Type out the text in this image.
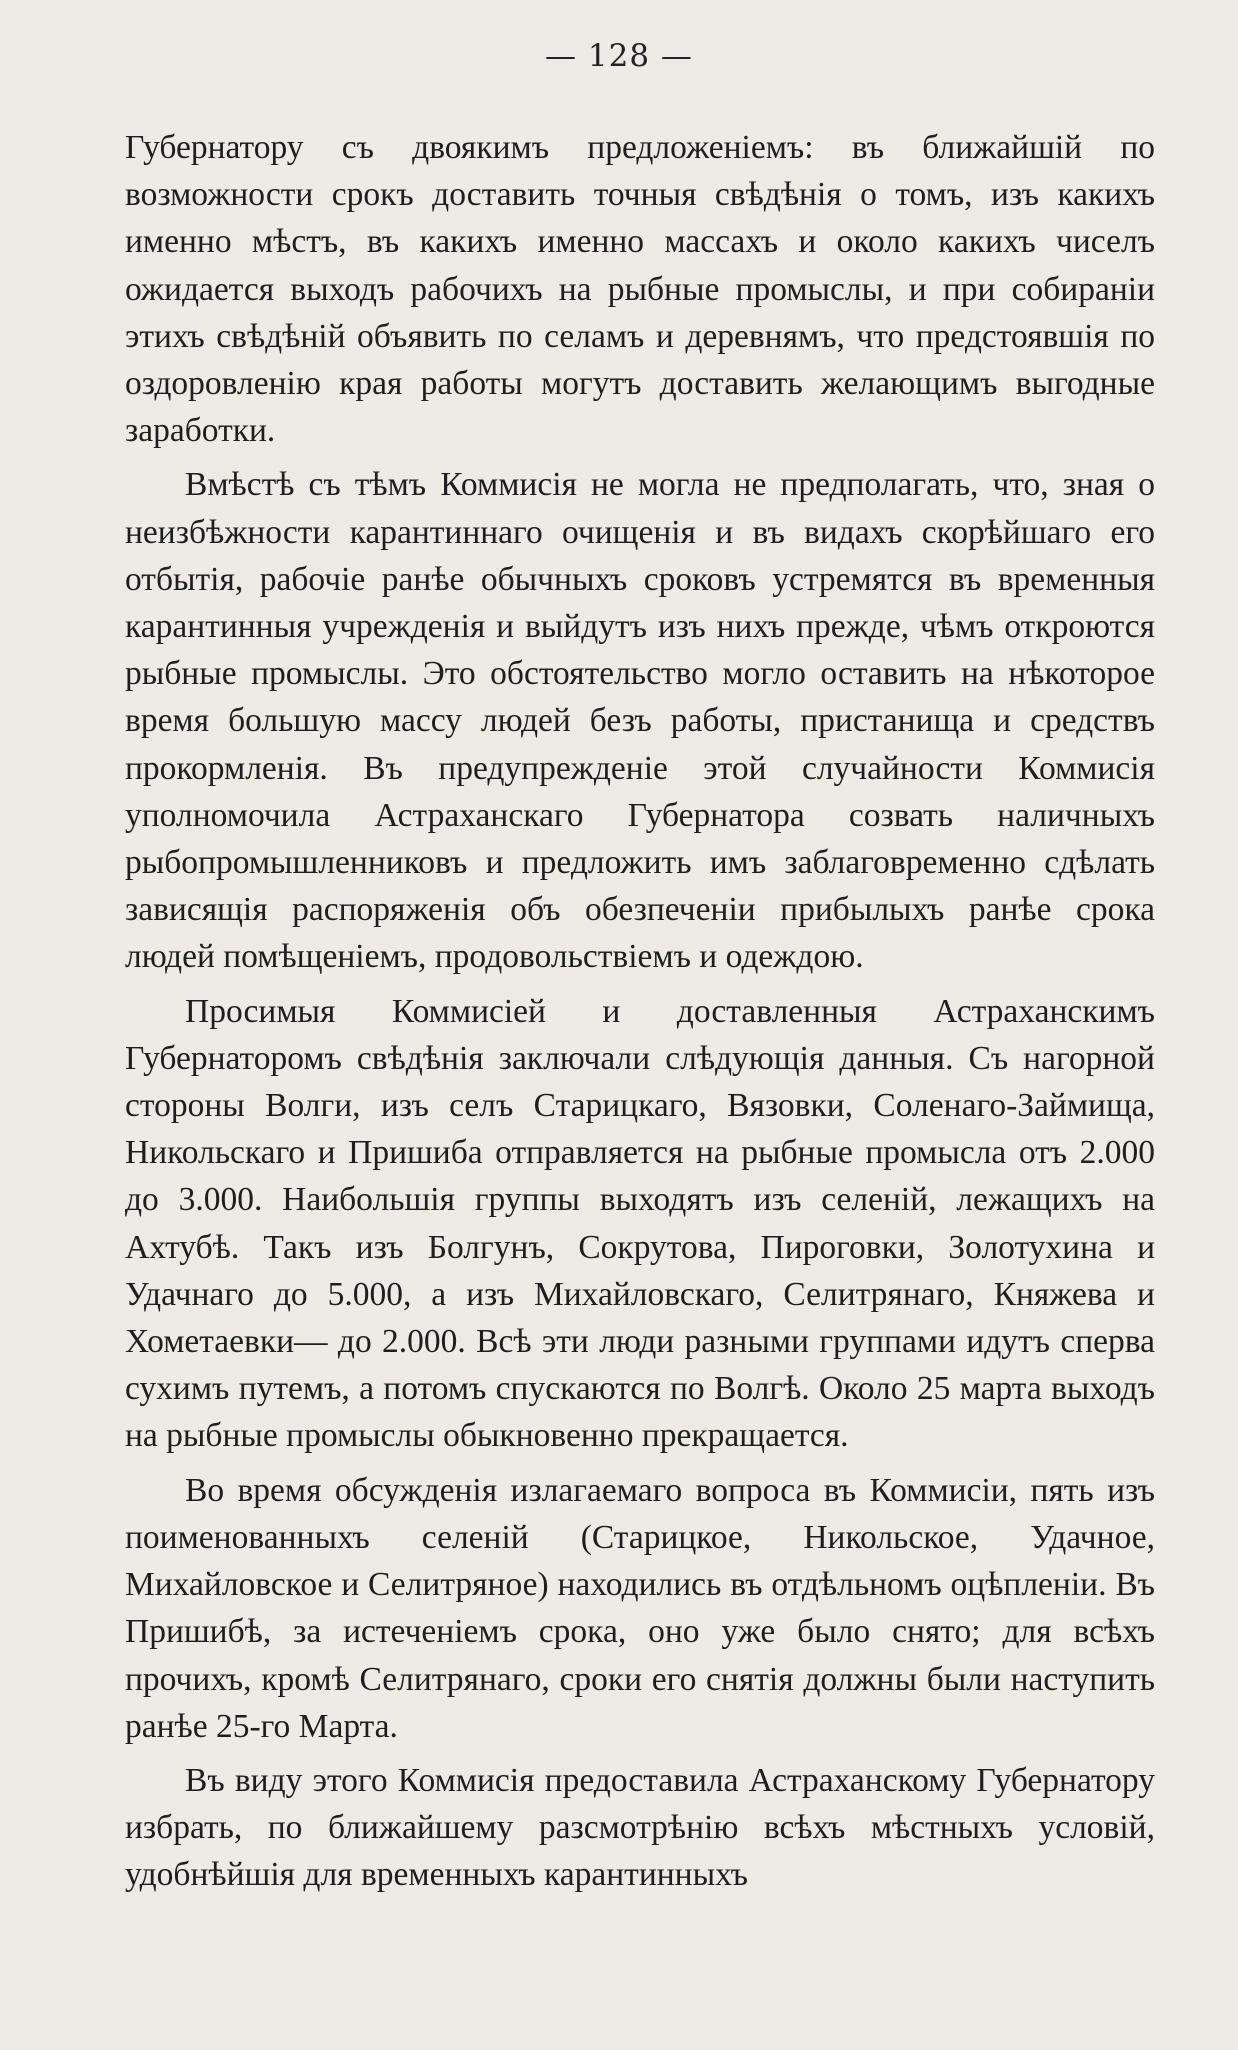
— 128 —

Губернатору съ двоякимъ предложенiемъ: въ ближайшiй по возможности срокъ доставить точныя свѣдѣнiя о томъ, изъ какихъ именно мѣстъ, въ какихъ именно массахъ и около какихъ чиселъ ожидается выходъ рабочихъ на рыбные промыслы, и при собиранiи этихъ свѣдѣнiй объявить по селамъ и деревнямъ, что предстоявшiя по оздоровленiю края работы могутъ доставить желающимъ выгодные заработки.

Вмѣстѣ съ тѣмъ Коммисiя не могла не предполагать, что, зная о неизбѣжности карантиннаго очищенiя и въ видахъ скорѣйшаго его отбытiя, рабочiе ранѣе обычныхъ сроковъ устремятся въ временныя карантинныя учрежденiя и выйдутъ изъ нихъ прежде, чѣмъ откроются рыбные промыслы. Это обстоятельство могло оставить на нѣкоторое время большую массу людей безъ работы, пристанища и средствъ прокормленiя. Въ предупрежденiе этой случайности Коммисiя уполномочила Астраханскаго Губернатора созвать наличныхъ рыбопромышленниковъ и предложить имъ заблаговременно сдѣлать зависящiя распоряженiя объ обезпеченiи прибылыхъ ранѣе срока людей помѣщенiемъ, продовольствiемъ и одеждою.

Просимыя Коммисiей и доставленныя Астраханскимъ Губернаторомъ свѣдѣнiя заключали слѣдующiя данныя. Съ нагорной стороны Волги, изъ селъ Старицкаго, Вязовки, Соленаго-Займища, Никольскаго и Пришиба отправляется на рыбные промысла отъ 2.000 до 3.000. Наибольшiя группы выходятъ изъ селенiй, лежащихъ на Ахтубѣ. Такъ изъ Болгунъ, Сокрутова, Пироговки, Золотухина и Удачнаго до 5.000, а изъ Михайловскаго, Селитрянаго, Княжева и Хометаевки— до 2.000. Всѣ эти люди разными группами идутъ сперва сухимъ путемъ, а потомъ спускаются по Волгѣ. Около 25 марта выходъ на рыбные промыслы обыкновенно прекращается.

Во время обсужденiя излагаемаго вопроса въ Коммисiи, пять изъ поименованныхъ селенiй (Старицкое, Никольское, Удачное, Михайловское и Селитряное) находились въ отдѣльномъ оцѣпленiи. Въ Пришибѣ, за истеченiемъ срока, оно уже было снято; для всѣхъ прочихъ, кромѣ Селитрянаго, сроки его снятiя должны были наступить ранѣе 25-го Марта.

Въ виду этого Коммисiя предоставила Астраханскому Губернатору избрать, по ближайшему разсмотрѣнiю всѣхъ мѣстныхъ условiй, удобнѣйшiя для временныхъ карантинныхъ
